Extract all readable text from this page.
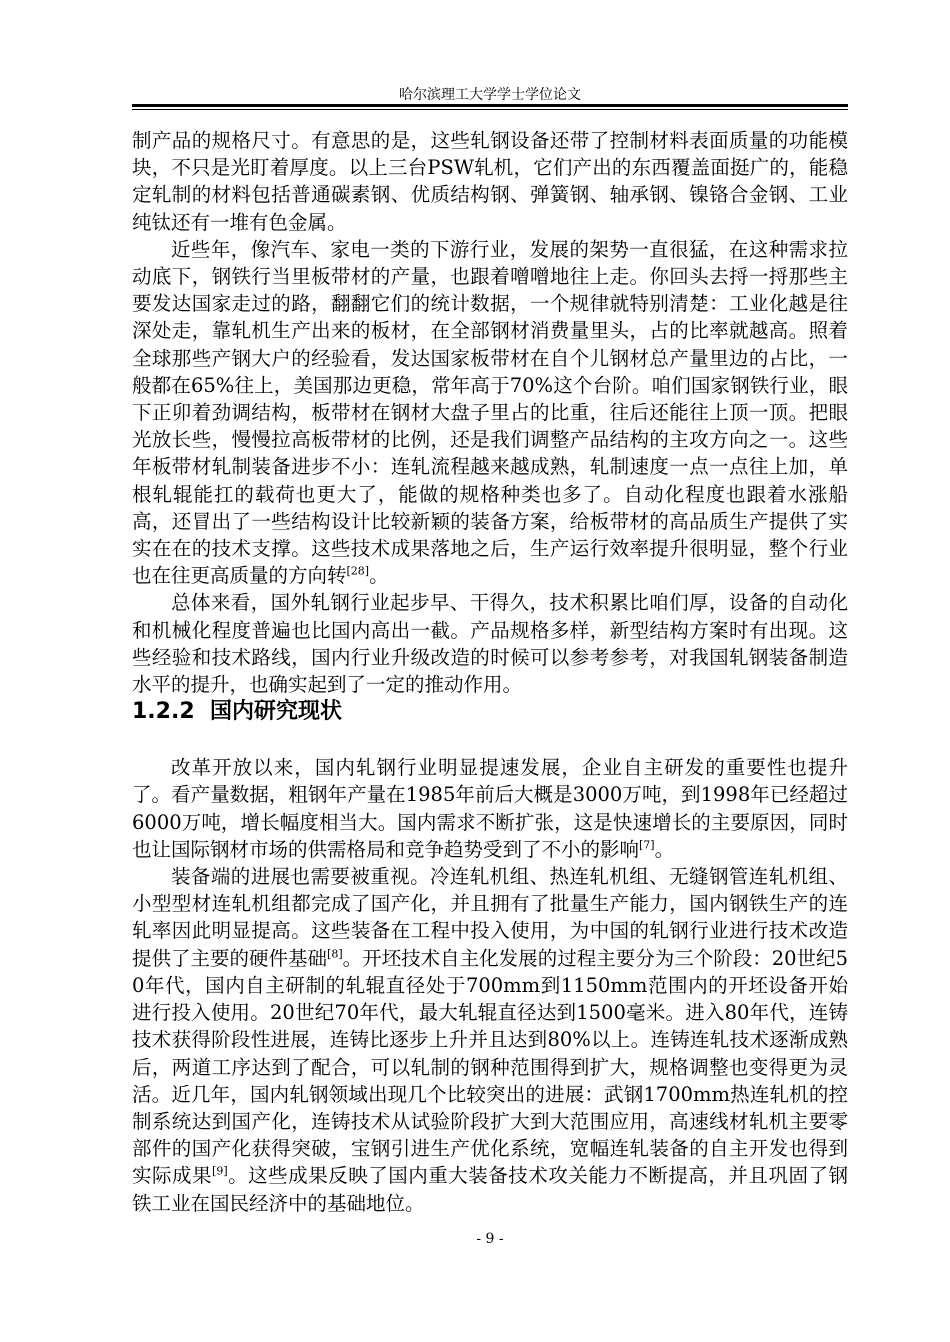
哈尔滨理工大学学士学位论文

制产品的规格尺寸。有意思的是，这些轧钢设备还带了控制材料表面质量的功能模块，不只是光盯着厚度。以上三台PSW轧机，它们产出的东西覆盖面挺广的，能稳定轧制的材料包括普通碳素钢、优质结构钢、弹簧钢、轴承钢、镍铬合金钢、工业纯钛还有一堆有色金属。

近些年，像汽车、家电一类的下游行业，发展的架势一直很猛，在这种需求拉动底下，钢铁行当里板带材的产量，也跟着噌噌地往上走。你回头去捋一捋那些主要发达国家走过的路，翻翻它们的统计数据，一个规律就特别清楚：工业化越是往深处走，靠轧机生产出来的板材，在全部钢材消费量里头，占的比率就越高。照着全球那些产钢大户的经验看，发达国家板带材在自个儿钢材总产量里边的占比，一般都在65%往上，美国那边更稳，常年高于70%这个台阶。咱们国家钢铁行业，眼下正卯着劲调结构，板带材在钢材大盘子里占的比重，往后还能往上顶一顶。把眼光放长些，慢慢拉高板带材的比例，还是我们调整产品结构的主攻方向之一。这些年板带材轧制装备进步不小：连轧流程越来越成熟，轧制速度一点一点往上加，单根轧辊能扛的载荷也更大了，能做的规格种类也多了。自动化程度也跟着水涨船高，还冒出了一些结构设计比较新颖的装备方案，给板带材的高品质生产提供了实实在在的技术支撑。这些技术成果落地之后，生产运行效率提升很明显，整个行业也在往更高质量的方向转[28]。

总体来看，国外轧钢行业起步早、干得久，技术积累比咱们厚，设备的自动化和机械化程度普遍也比国内高出一截。产品规格多样，新型结构方案时有出现。这些经验和技术路线，国内行业升级改造的时候可以参考参考，对我国轧钢装备制造水平的提升，也确实起到了一定的推动作用。

1.2.2 国内研究现状

改革开放以来，国内轧钢行业明显提速发展，企业自主研发的重要性也提升了。看产量数据，粗钢年产量在1985年前后大概是3000万吨，到1998年已经超过6000万吨，增长幅度相当大。国内需求不断扩张，这是快速增长的主要原因，同时也让国际钢材市场的供需格局和竞争趋势受到了不小的影响[7]。

装备端的进展也需要被重视。冷连轧机组、热连轧机组、无缝钢管连轧机组、小型型材连轧机组都完成了国产化，并且拥有了批量生产能力，国内钢铁生产的连轧率因此明显提高。这些装备在工程中投入使用，为中国的轧钢行业进行技术改造提供了主要的硬件基础[8]。开坯技术自主化发展的过程主要分为三个阶段：20世纪50年代，国内自主研制的轧辊直径处于700mm到1150mm范围内的开坯设备开始进行投入使用。20世纪70年代，最大轧辊直径达到1500毫米。进入80年代，连铸技术获得阶段性进展，连铸比逐步上升并且达到80%以上。连铸连轧技术逐渐成熟后，两道工序达到了配合，可以轧制的钢种范围得到扩大，规格调整也变得更为灵活。近几年，国内轧钢领域出现几个比较突出的进展：武钢1700mm热连轧机的控制系统达到国产化，连铸技术从试验阶段扩大到大范围应用，高速线材轧机主要零部件的国产化获得突破，宝钢引进生产优化系统，宽幅连轧装备的自主开发也得到实际成果[9]。这些成果反映了国内重大装备技术攻关能力不断提高，并且巩固了钢铁工业在国民经济中的基础地位。

- 9 -
